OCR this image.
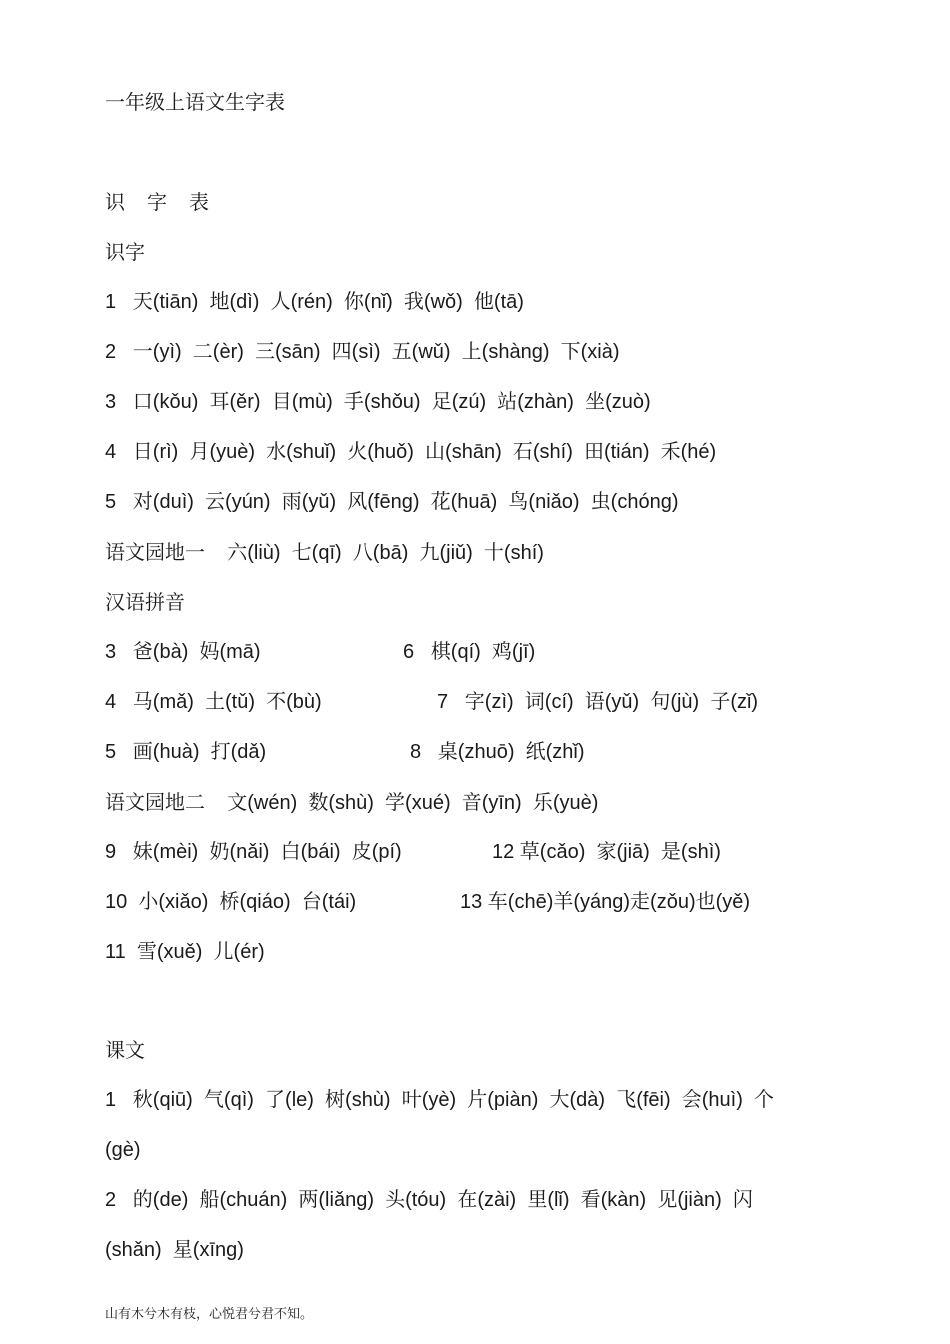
一年级上语文生字表
识字表
识字
1   天(tiān)  地(dì)  人(rén)  你(nǐ)  我(wǒ)  他(tā)
2   一(yì)  二(èr)  三(sān)  四(sì)  五(wǔ)  上(shàng)  下(xià)
3   口(kǒu)  耳(ěr)  目(mù)  手(shǒu)  足(zú)  站(zhàn)  坐(zuò)
4   日(rì)  月(yuè)  水(shuǐ)  火(huǒ)  山(shān)  石(shí)  田(tián)  禾(hé)
5   对(duì)  云(yún)  雨(yǔ)  风(fēng)  花(huā)  鸟(niǎo)  虫(chóng)
语文园地一 六(liù)  七(qī)  八(bā)  九(jiǔ)  十(shí)
汉语拼音
3   爸(bà)  妈(mā)	6   棋(qí)  鸡(jī)
4   马(mǎ)  土(tǔ)  不(bù)	7   字(zì)  词(cí)  语(yǔ)  句(jù)  子(zǐ)
5   画(huà)  打(dǎ)	8   桌(zhuō)  纸(zhǐ)
语文园地二 文(wén)  数(shù)  学(xué)  音(yīn)  乐(yuè)
9   妹(mèi)  奶(nǎi)  白(bái)  皮(pí)	12 草(cǎo)  家(jiā)  是(shì)
10  小(xiǎo)  桥(qiáo)  台(tái)	13 车(chē)羊(yáng)走(zǒu)也(yě)
11  雪(xuě)  儿(ér)
课文
1   秋(qiū)  气(qì)  了(le)  树(shù)  叶(yè)  片(piàn)  大(dà)  飞(fēi)  会(huì)  个
(gè)
2   的(de)  船(chuán)  两(liǎng)  头(tóu)  在(zài)  里(lǐ)  看(kàn)  见(jiàn)  闪
(shǎn)  星(xīng)
山有木兮木有枝，心悦君兮君不知。
